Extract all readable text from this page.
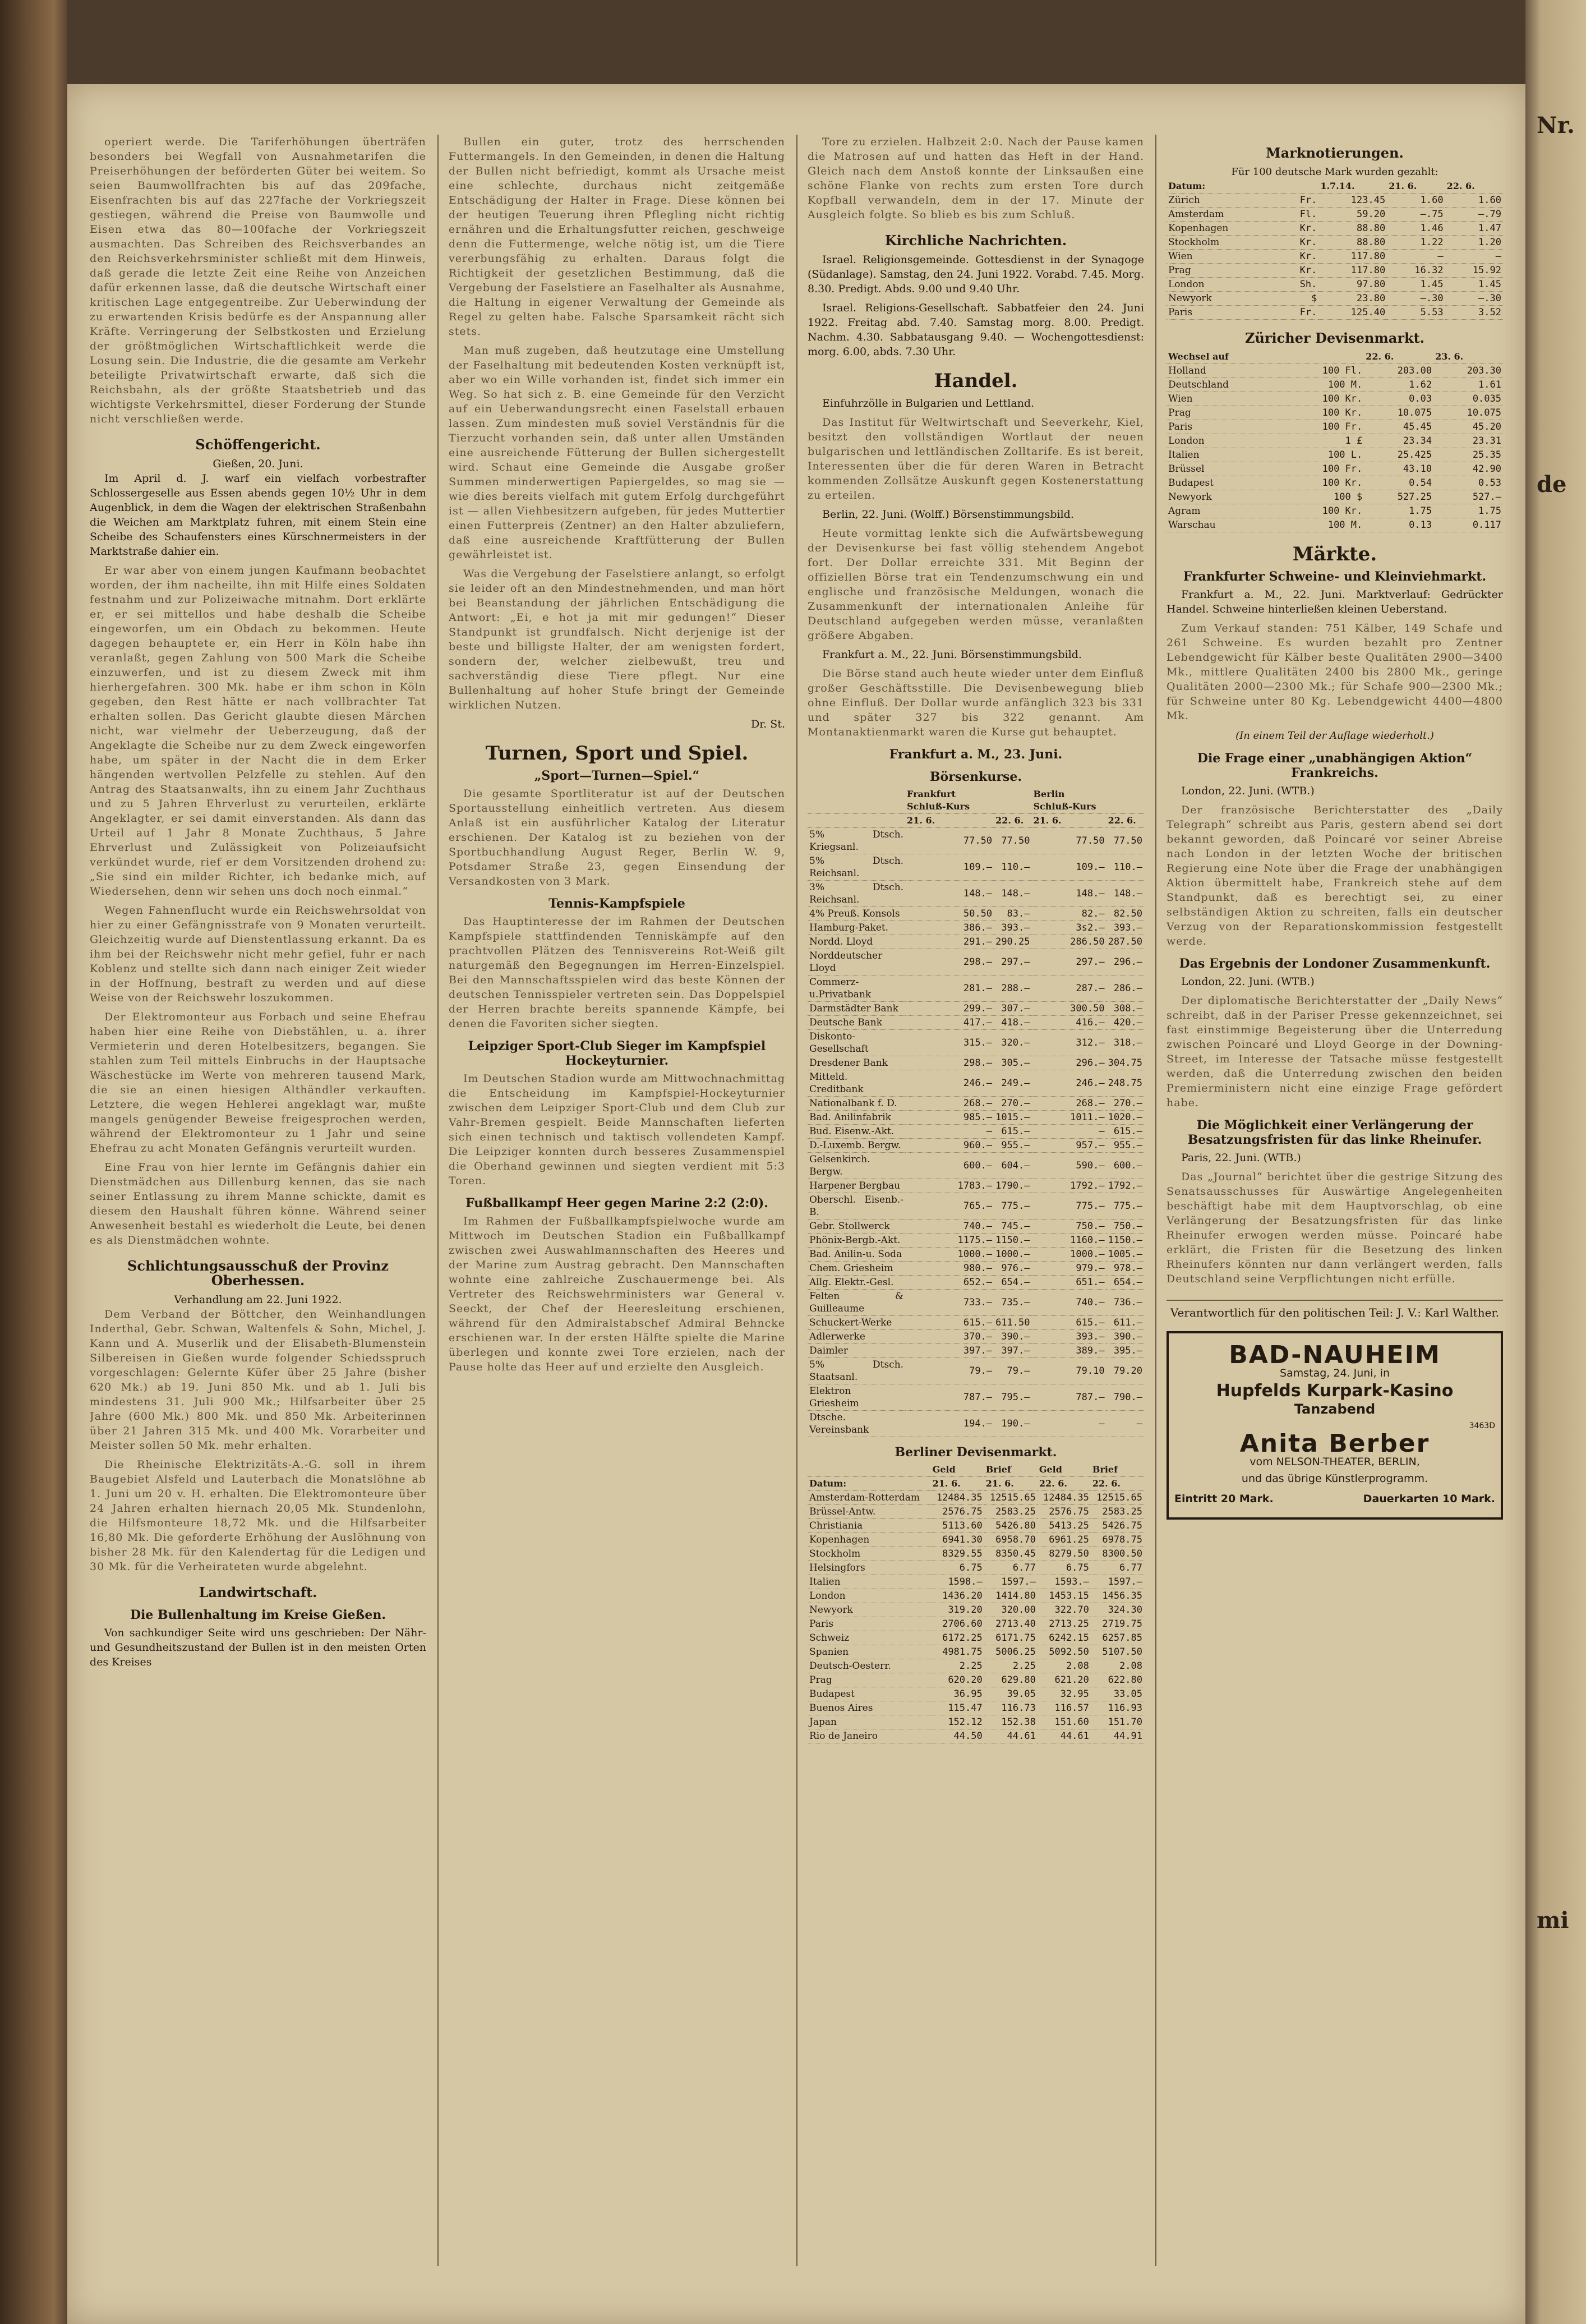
operiert werde. Die Tariferhöhungen überträfen besonders bei Wegfall von Ausnahmetarifen die Preiserhöhungen der beförderten Güter bei weitem. So seien Baumwollfrachten bis auf das 209fache, Eisenfrachten bis auf das 227fache der Vorkriegszeit gestiegen, während die Preise von Baumwolle und Eisen etwa das 80—100fache der Vorkriegszeit ausmachten. Das Schreiben des Reichsverbandes an den Reichsverkehrsminister schließt mit dem Hinweis, daß gerade die letzte Zeit eine Reihe von Anzeichen dafür erkennen lasse, daß die deutsche Wirtschaft einer kritischen Lage entgegentreibe. Zur Ueberwindung der zu erwartenden Krisis bedürfe es der Anspannung aller Kräfte. Verringerung der Selbstkosten und Erzielung der größtmöglichen Wirtschaftlichkeit werde die Losung sein. Die Industrie, die die gesamte am Verkehr beteiligte Privatwirtschaft erwarte, daß sich die Reichsbahn, als der größte Staatsbetrieb und das wichtigste Verkehrsmittel, dieser Forderung der Stunde nicht verschließen werde.

Schöffengericht.
Gießen, 20. Juni.

Im April d. J. warf ein vielfach vorbestrafter Schlossergeselle aus Essen abends gegen 10½ Uhr in dem Augenblick, in dem die Wagen der elektrischen Straßenbahn die Weichen am Marktplatz fuhren, mit einem Stein eine Scheibe des Schaufensters eines Kürschnermeisters in der Marktstraße dahier ein.

Er war aber von einem jungen Kaufmann beobachtet worden, der ihm nacheilte, ihn mit Hilfe eines Soldaten festnahm und zur Polizeiwache mitnahm. Dort erklärte er, er sei mittellos und habe deshalb die Scheibe eingeworfen, um ein Obdach zu bekommen. Heute dagegen behauptete er, ein Herr in Köln habe ihn veranlaßt, gegen Zahlung von 500 Mark die Scheibe einzuwerfen, und ist zu diesem Zweck mit ihm hierhergefahren. 300 Mk. habe er ihm schon in Köln gegeben, den Rest hätte er nach vollbrachter Tat erhalten sollen. Das Gericht glaubte diesen Märchen nicht, war vielmehr der Ueberzeugung, daß der Angeklagte die Scheibe nur zu dem Zweck eingeworfen habe, um später in der Nacht die in dem Erker hängenden wertvollen Pelzfelle zu stehlen. Auf den Antrag des Staatsanwalts, ihn zu einem Jahr Zuchthaus und zu 5 Jahren Ehrverlust zu verurteilen, erklärte Angeklagter, er sei damit einverstanden. Als dann das Urteil auf 1 Jahr 8 Monate Zuchthaus, 5 Jahre Ehrverlust und Zulässigkeit von Polizeiaufsicht verkündet wurde, rief er dem Vorsitzenden drohend zu: „Sie sind ein milder Richter, ich bedanke mich, auf Wiedersehen, denn wir sehen uns doch noch einmal.“

Wegen Fahnenflucht wurde ein Reichswehrsoldat von hier zu einer Gefängnisstrafe von 9 Monaten verurteilt. Gleichzeitig wurde auf Dienstentlassung erkannt. Da es ihm bei der Reichswehr nicht mehr gefiel, fuhr er nach Koblenz und stellte sich dann nach einiger Zeit wieder in der Hoffnung, bestraft zu werden und auf diese Weise von der Reichswehr loszukommen.

Der Elektromonteur aus Forbach und seine Ehefrau haben hier eine Reihe von Diebstählen, u. a. ihrer Vermieterin und deren Hotelbesitzers, begangen. Sie stahlen zum Teil mittels Einbruchs in der Hauptsache Wäschestücke im Werte von mehreren tausend Mark, die sie an einen hiesigen Althändler verkauften. Letztere, die wegen Hehlerei angeklagt war, mußte mangels genügender Beweise freigesprochen werden, während der Elektromonteur zu 1 Jahr und seine Ehefrau zu acht Monaten Gefängnis verurteilt wurden.

Eine Frau von hier lernte im Gefängnis dahier ein Dienstmädchen aus Dillenburg kennen, das sie nach seiner Entlassung zu ihrem Manne schickte, damit es diesem den Haushalt führen könne. Während seiner Anwesenheit bestahl es wiederholt die Leute, bei denen es als Dienstmädchen wohnte.

Schlichtungsausschuß der Provinz Oberhessen.
Verhandlung am 22. Juni 1922.

Dem Verband der Böttcher, den Weinhandlungen Inderthal, Gebr. Schwan, Waltenfels & Sohn, Michel, J. Kann und A. Muserlik und der Elisabeth-Blumenstein Silbereisen in Gießen wurde folgender Schiedsspruch vorgeschlagen: Gelernte Küfer über 25 Jahre (bisher 620 Mk.) ab 19. Juni 850 Mk. und ab 1. Juli bis mindestens 31. Juli 900 Mk.; Hilfsarbeiter über 25 Jahre (600 Mk.) 800 Mk. und 850 Mk. Arbeiterinnen über 21 Jahren 315 Mk. und 400 Mk. Vorarbeiter und Meister sollen 50 Mk. mehr erhalten.

Die Rheinische Elektrizitäts-A.-G. soll in ihrem Baugebiet Alsfeld und Lauterbach die Monatslöhne ab 1. Juni um 20 v. H. erhalten. Die Elektromonteure über 24 Jahren erhalten hiernach 20,05 Mk. Stundenlohn, die Hilfsmonteure 18,72 Mk. und die Hilfsarbeiter 16,80 Mk. Die geforderte Erhöhung der Auslöhnung von bisher 28 Mk. für den Kalendertag für die Ledigen und 30 Mk. für die Verheirateten wurde abgelehnt.

Landwirtschaft.
Die Bullenhaltung im Kreise Gießen.

Von sachkundiger Seite wird uns geschrieben: Der Nähr- und Gesundheitszustand der Bullen ist in den meisten Orten des Kreises

Bullen ein guter, trotz des herrschenden Futtermangels. In den Gemeinden, in denen die Haltung der Bullen nicht befriedigt, kommt als Ursache meist eine schlechte, durchaus nicht zeitgemäße Entschädigung der Halter in Frage. Diese können bei der heutigen Teuerung ihren Pflegling nicht richtig ernähren und die Erhaltungsfutter reichen, geschweige denn die Futtermenge, welche nötig ist, um die Tiere vererbungsfähig zu erhalten. Daraus folgt die Richtigkeit der gesetzlichen Bestimmung, daß die Vergebung der Faselstiere an Faselhalter als Ausnahme, die Haltung in eigener Verwaltung der Gemeinde als Regel zu gelten habe. Falsche Sparsamkeit rächt sich stets.

Man muß zugeben, daß heutzutage eine Umstellung der Faselhaltung mit bedeutenden Kosten verknüpft ist, aber wo ein Wille vorhanden ist, findet sich immer ein Weg. So hat sich z. B. eine Gemeinde für den Verzicht auf ein Ueberwandungsrecht einen Faselstall erbauen lassen. Zum mindesten muß soviel Verständnis für die Tierzucht vorhanden sein, daß unter allen Umständen eine ausreichende Fütterung der Bullen sichergestellt wird. Schaut eine Gemeinde die Ausgabe großer Summen minderwertigen Papiergeldes, so mag sie — wie dies bereits vielfach mit gutem Erfolg durchgeführt ist — allen Viehbesitzern aufgeben, für jedes Muttertier einen Futterpreis (Zentner) an den Halter abzuliefern, daß eine ausreichende Kraftfütterung der Bullen gewährleistet ist.

Was die Vergebung der Faselstiere anlangt, so erfolgt sie leider oft an den Mindestnehmenden, und man hört bei Beanstandung der jährlichen Entschädigung die Antwort: „Ei, e hot ja mit mir gedungen!“ Dieser Standpunkt ist grundfalsch. Nicht derjenige ist der beste und billigste Halter, der am wenigsten fordert, sondern der, welcher zielbewußt, treu und sachverständig diese Tiere pflegt. Nur eine Bullenhaltung auf hoher Stufe bringt der Gemeinde wirklichen Nutzen.

Dr. St.
Turnen, Sport und Spiel.
„Sport—Turnen—Spiel.“

Die gesamte Sportliteratur ist auf der Deutschen Sportausstellung einheitlich vertreten. Aus diesem Anlaß ist ein ausführlicher Katalog der Literatur erschienen. Der Katalog ist zu beziehen von der Sportbuchhandlung August Reger, Berlin W. 9, Potsdamer Straße 23, gegen Einsendung der Versandkosten von 3 Mark.

Tennis-Kampfspiele

Das Hauptinteresse der im Rahmen der Deutschen Kampfspiele stattfindenden Tenniskämpfe auf den prachtvollen Plätzen des Tennisvereins Rot-Weiß gilt naturgemäß den Begegnungen im Herren-Einzelspiel. Bei den Mannschaftsspielen wird das beste Können der deutschen Tennisspieler vertreten sein. Das Doppelspiel der Herren brachte bereits spannende Kämpfe, bei denen die Favoriten sicher siegten.

Leipziger Sport-Club Sieger im Kampfspiel Hockeyturnier.

Im Deutschen Stadion wurde am Mittwochnachmittag die Entscheidung im Kampfspiel-Hockeyturnier zwischen dem Leipziger Sport-Club und dem Club zur Vahr-Bremen gespielt. Beide Mannschaften lieferten sich einen technisch und taktisch vollendeten Kampf. Die Leipziger konnten durch besseres Zusammenspiel die Oberhand gewinnen und siegten verdient mit 5:3 Toren.

Fußballkampf Heer gegen Marine 2:2 (2:0).

Im Rahmen der Fußballkampfspielwoche wurde am Mittwoch im Deutschen Stadion ein Fußballkampf zwischen zwei Auswahlmannschaften des Heeres und der Marine zum Austrag gebracht. Den Mannschaften wohnte eine zahlreiche Zuschauermenge bei. Als Vertreter des Reichswehrministers war General v. Seeckt, der Chef der Heeresleitung erschienen, während für den Admiralstabschef Admiral Behncke erschienen war. In der ersten Hälfte spielte die Marine überlegen und konnte zwei Tore erzielen, nach der Pause holte das Heer auf und erzielte den Ausgleich.

Tore zu erzielen. Halbzeit 2:0. Nach der Pause kamen die Matrosen auf und hatten das Heft in der Hand. Gleich nach dem Anstoß konnte der Linksaußen eine schöne Flanke von rechts zum ersten Tore durch Kopfball verwandeln, dem in der 17. Minute der Ausgleich folgte. So blieb es bis zum Schluß.

Kirchliche Nachrichten.

Israel. Religionsgemeinde. Gottesdienst in der Synagoge (Südanlage). Samstag, den 24. Juni 1922. Vorabd. 7.45. Morg. 8.30. Predigt. Abds. 9.00 und 9.40 Uhr.

Israel. Religions-Gesellschaft. Sabbatfeier den 24. Juni 1922. Freitag abd. 7.40. Samstag morg. 8.00. Predigt. Nachm. 4.30. Sabbatausgang 9.40. — Wochengottesdienst: morg. 6.00, abds. 7.30 Uhr.

Handel.

Einfuhrzölle in Bulgarien und Lettland.

Das Institut für Weltwirtschaft und Seeverkehr, Kiel, besitzt den vollständigen Wortlaut der neuen bulgarischen und lettländischen Zolltarife. Es ist bereit, Interessenten über die für deren Waren in Betracht kommenden Zollsätze Auskunft gegen Kostenerstattung zu erteilen.

Berlin, 22. Juni. (Wolff.) Börsenstimmungsbild.

Heute vormittag lenkte sich die Aufwärtsbewegung der Devisenkurse bei fast völlig stehendem Angebot fort. Der Dollar erreichte 331. Mit Beginn der offiziellen Börse trat ein Tendenzumschwung ein und englische und französische Meldungen, wonach die Zusammenkunft der internationalen Anleihe für Deutschland aufgegeben werden müsse, veranlaßten größere Abgaben.

Frankfurt a. M., 22. Juni. Börsenstimmungsbild.

Die Börse stand auch heute wieder unter dem Einfluß großer Geschäftsstille. Die Devisenbewegung blieb ohne Einfluß. Der Dollar wurde anfänglich 323 bis 331 und später 327 bis 322 genannt. Am Montanaktienmarkt waren die Kurse gut behauptet.

Frankfurt a. M., 23. Juni.
Börsenkurse.
	Frankfurt Schluß-Kurs		Berlin Schluß-Kurs	
	21. 6.	22. 6.	21. 6.	22. 6.
5% Dtsch. Kriegsanl.	77.50	77.50	77.50	77.50
5% Dtsch. Reichsanl.	109.—	110.—	109.—	110.—
3% Dtsch. Reichsanl.	148.—	148.—	148.—	148.—
4% Preuß. Konsols	50.50	83.—	82.—	82.50
Hamburg-Paket.	386.—	393.—	3s2.—	393.—
Nordd. Lloyd	291.—	290.25	286.50	287.50
Norddeutscher Lloyd	298.—	297.—	297.—	296.—
Commerz-u.Privatbank	281.—	288.—	287.—	286.—
Darmstädter Bank	299.—	307.—	300.50	308.—
Deutsche Bank	417.—	418.—	416.—	420.—
Diskonto-Gesellschaft	315.—	320.—	312.—	318.—
Dresdener Bank	298.—	305.—	296.—	304.75
Mitteld. Creditbank	246.—	249.—	246.—	248.75
Nationalbank f. D.	268.—	270.—	268.—	270.—
Bad. Anilinfabrik	985.—	1015.—	1011.—	1020.—
Bud. Eisenw.-Akt.	—	615.—	—	615.—
D.-Luxemb. Bergw.	960.—	955.—	957.—	955.—
Gelsenkirch. Bergw.	600.—	604.—	590.—	600.—
Harpener Bergbau	1783.—	1790.—	1792.—	1792.—
Oberschl. Eisenb.-B.	765.—	775.—	775.—	775.—
Gebr. Stollwerck	740.—	745.—	750.—	750.—
Phönix-Bergb.-Akt.	1175.—	1150.—	1160.—	1150.—
Bad. Anilin-u. Soda	1000.—	1000.—	1000.—	1005.—
Chem. Griesheim	980.—	976.—	979.—	978.—
Allg. Elektr.-Gesl.	652.—	654.—	651.—	654.—
Felten & Guilleaume	733.—	735.—	740.—	736.—
Schuckert-Werke	615.—	611.50	615.—	611.—
Adlerwerke	370.—	390.—	393.—	390.—
Daimler	397.—	397.—	389.—	395.—
5% Dtsch. Staatsanl.	79.—	79.—	79.10	79.20
Elektron Griesheim	787.—	795.—	787.—	790.—
Dtsche. Vereinsbank	194.—	190.—	—	—
Berliner Devisenmarkt.
	Geld	Brief	Geld	Brief
Datum:	21. 6.	21. 6.	22. 6.	22. 6.
Amsterdam-Rotterdam	12484.35	12515.65	12484.35	12515.65
Brüssel-Antw.	2576.75	2583.25	2576.75	2583.25
Christiania	5113.60	5426.80	5413.25	5426.75
Kopenhagen	6941.30	6958.70	6961.25	6978.75
Stockholm	8329.55	8350.45	8279.50	8300.50
Helsingfors	6.75	6.77	6.75	6.77
Italien	1598.—	1597.—	1593.—	1597.—
London	1436.20	1414.80	1453.15	1456.35
Newyork	319.20	320.00	322.70	324.30
Paris	2706.60	2713.40	2713.25	2719.75
Schweiz	6172.25	6171.75	6242.15	6257.85
Spanien	4981.75	5006.25	5092.50	5107.50
Deutsch-Oesterr.	2.25	2.25	2.08	2.08
Prag	620.20	629.80	621.20	622.80
Budapest	36.95	39.05	32.95	33.05
Buenos Aires	115.47	116.73	116.57	116.93
Japan	152.12	152.38	151.60	151.70
Rio de Janeiro	44.50	44.61	44.61	44.91
Marknotierungen.
Für 100 deutsche Mark wurden gezahlt:
Datum:		1.7.14.	21. 6.	22. 6.
Zürich	Fr.	123.45	1.60	1.60
Amsterdam	Fl.	59.20	—.75	—.79
Kopenhagen	Kr.	88.80	1.46	1.47
Stockholm	Kr.	88.80	1.22	1.20
Wien	Kr.	117.80	—	—
Prag	Kr.	117.80	16.32	15.92
London	Sh.	97.80	1.45	1.45
Newyork	$	23.80	—.30	—.30
Paris	Fr.	125.40	5.53	3.52
Züricher Devisenmarkt.
Wechsel auf		22. 6.	23. 6.
Holland	100 Fl.	203.00	203.30
Deutschland	100 M.	1.62	1.61
Wien	100 Kr.	0.03	0.035
Prag	100 Kr.	10.075	10.075
Paris	100 Fr.	45.45	45.20
London	1 £	23.34	23.31
Italien	100 L.	25.425	25.35
Brüssel	100 Fr.	43.10	42.90
Budapest	100 Kr.	0.54	0.53
Newyork	100 $	527.25	527.—
Agram	100 Kr.	1.75	1.75
Warschau	100 M.	0.13	0.117
Märkte.
Frankfurter Schweine- und Kleinviehmarkt.

Frankfurt a. M., 22. Juni. Marktverlauf: Gedrückter Handel. Schweine hinterließen kleinen Ueberstand.

Zum Verkauf standen: 751 Kälber, 149 Schafe und 261 Schweine. Es wurden bezahlt pro Zentner Lebendgewicht für Kälber beste Qualitäten 2900—3400 Mk., mittlere Qualitäten 2400 bis 2800 Mk., geringe Qualitäten 2000—2300 Mk.; für Schafe 900—2300 Mk.; für Schweine unter 80 Kg. Lebendgewicht 4400—4800 Mk.

(In einem Teil der Auflage wiederholt.)
Die Frage einer „unabhängigen Aktion“ Frankreichs.

London, 22. Juni. (WTB.)

Der französische Berichterstatter des „Daily Telegraph“ schreibt aus Paris, gestern abend sei dort bekannt geworden, daß Poincaré vor seiner Abreise nach London in der letzten Woche der britischen Regierung eine Note über die Frage der unabhängigen Aktion übermittelt habe, Frankreich stehe auf dem Standpunkt, daß es berechtigt sei, zu einer selbständigen Aktion zu schreiten, falls ein deutscher Verzug von der Reparationskommission festgestellt werde.

Das Ergebnis der Londoner Zusammenkunft.

London, 22. Juni. (WTB.)

Der diplomatische Berichterstatter der „Daily News“ schreibt, daß in der Pariser Presse gekennzeichnet, sei fast einstimmige Begeisterung über die Unterredung zwischen Poincaré und Lloyd George in der Downing-Street, im Interesse der Tatsache müsse festgestellt werden, daß die Unterredung zwischen den beiden Premierministern nicht eine einzige Frage gefördert habe.

Die Möglichkeit einer Verlängerung der Besatzungsfristen für das linke Rheinufer.

Paris, 22. Juni. (WTB.)

Das „Journal“ berichtet über die gestrige Sitzung des Senatsausschusses für Auswärtige Angelegenheiten beschäftigt habe mit dem Hauptvorschlag, ob eine Verlängerung der Besatzungsfristen für das linke Rheinufer erwogen werden müsse. Poincaré habe erklärt, die Fristen für die Besetzung des linken Rheinufers könnten nur dann verlängert werden, falls Deutschland seine Verpflichtungen nicht erfülle.

Verantwortlich für den politischen Teil: J. V.: Karl Walther.
BAD-NAUHEIM
Samstag, 24. Juni, in
Hupfelds Kurpark-Kasino
Tanzabend
3463D
Anita Berber
vom NELSON-THEATER, BERLIN,
und das übrige Künstlerprogramm.
Eintritt 20 Mark.	Dauerkarten 10 Mark.
Nr.
de
mi
